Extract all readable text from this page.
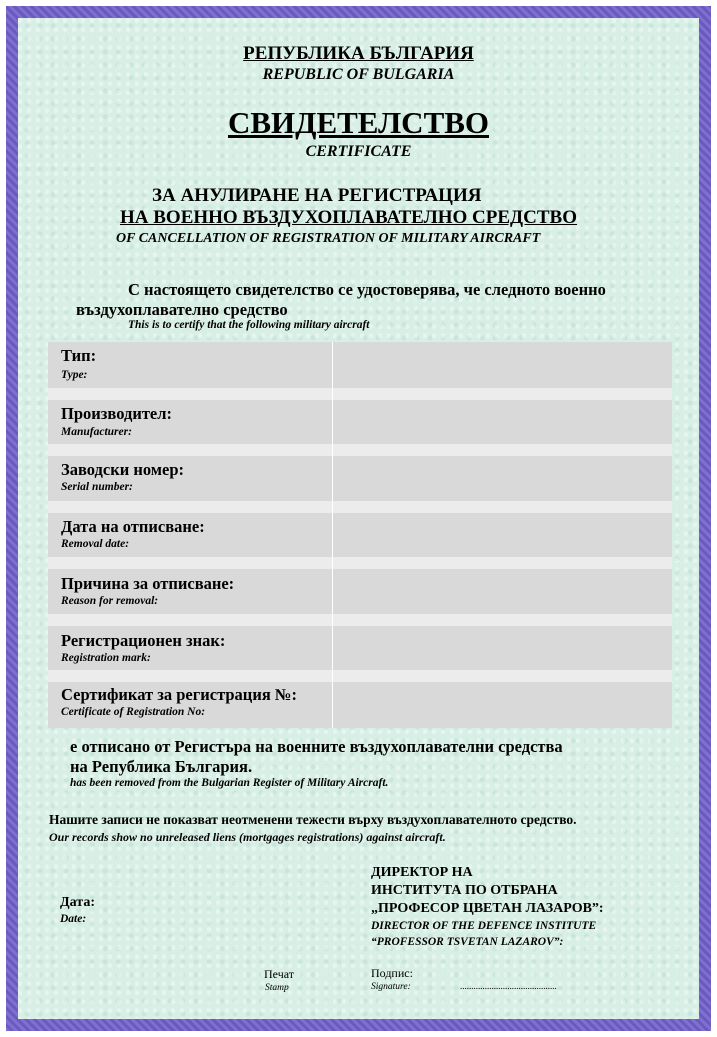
РЕПУБЛИКА БЪЛГАРИЯ
REPUBLIC OF BULGARIA
СВИДЕТЕЛСТВО
CERTIFICATE
ЗА АНУЛИРАНЕ НА РЕГИСТРАЦИЯ
НА ВОЕННО ВЪЗДУХОПЛАВАТЕЛНО СРЕДСТВО
OF CANCELLATION OF REGISTRATION OF MILITARY AIRCRAFT
С настоящето свидетелство се удостоверява, че следното военно
въздухоплавателно средство
This is to certify that the following military aircraft
Тип:
Type:
Производител:
Manufacturer:
Заводски номер:
Serial number:
Дата на отписване:
Removal date:
Причина за отписване:
Reason for removal:
Регистрационен знак:
Registration mark:
Сертификат за регистрация №:
Certificate of Registration No:
е отписано от Регистъра на военните въздухоплавателни средства
на Република България.
has been removed from the Bulgarian Register of Military Aircraft.
Нашите записи не показват неотменени тежести върху въздухоплавателното средство.
Our records show no unreleased liens (mortgages registrations) against aircraft.
ДИРЕКТОР НА
ИНСТИТУТА ПО ОТБРАНА
„ПРОФЕСОР ЦВЕТАН ЛАЗАРОВ”:
DIRECTOR OF THE DEFENCE INSTITUTE
“PROFESSOR TSVETAN LAZAROV”:
Дата:
Date:
Печат
Stamp
Подпис:
Signature:	...........................................
